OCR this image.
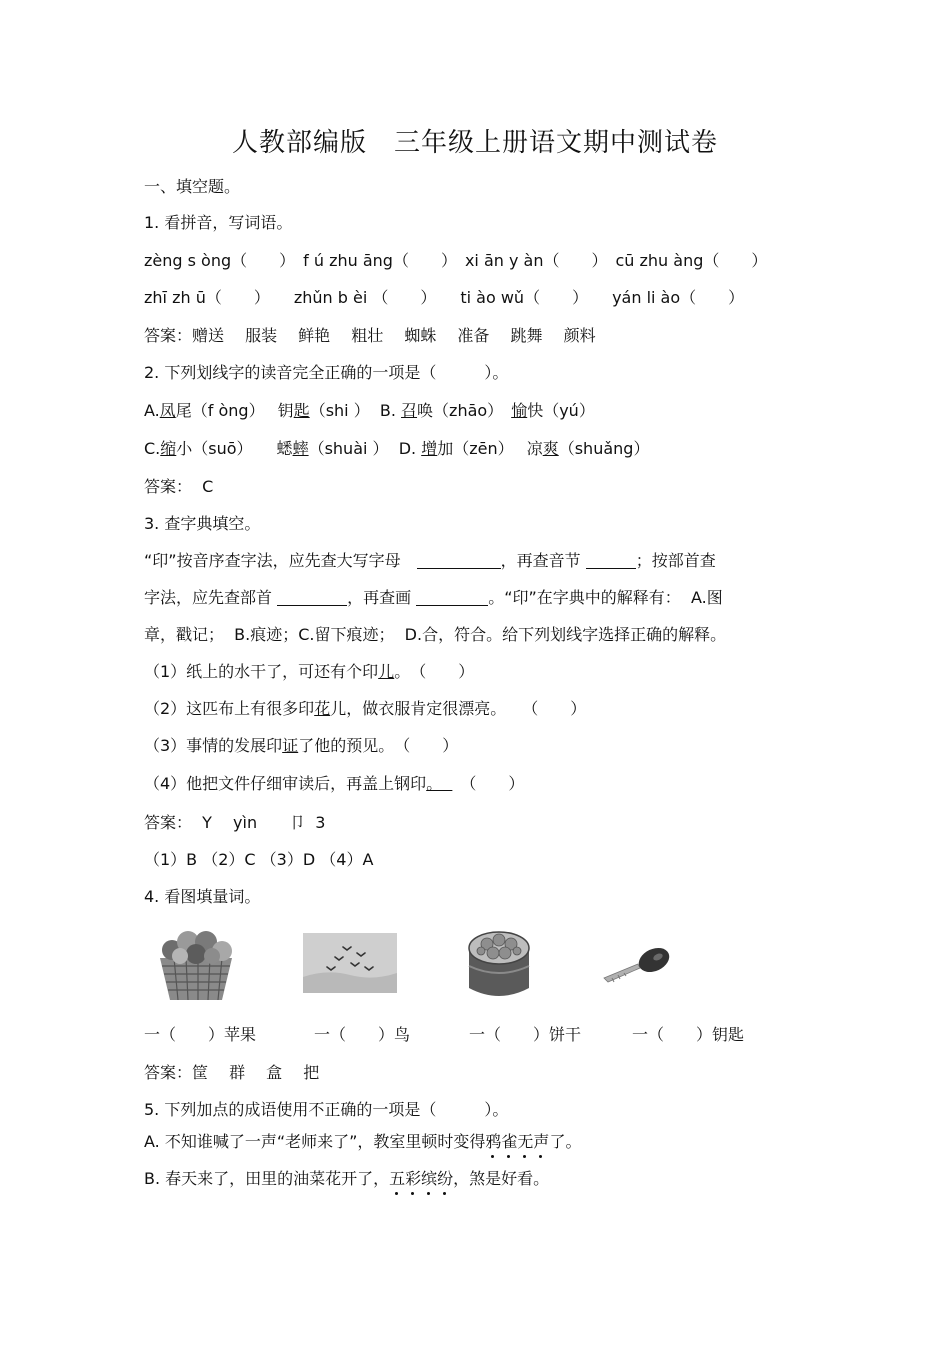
人教部编版　三年级上册语文期中测试卷
一、填空题。
1. 看拼音，写词语。
zèng s òng（　　）　f ú zhu āng（　　）　xi ān y àn（　　）　cū zhu àng（　　）
zhī zh ū（　　）　　zhǔn b èi （　　）　　ti ào wǔ（　　）　　yán li ào（　　）
答案：赠送　 服装　 鲜艳　 粗壮　 蜘蛛　 准备　 跳舞　 颜料
2. 下列划线字的读音完全正确的一项是（　　　）。
A.凤尾（f òng）　 钥匙（shi ）  B. 召唤（zhāo）　愉快（yú）
C.缩小（suō）　　蟋蟀（shuài ）  D. 增加（zēn）　 凉爽（shuǎng）
答案：  C
3. 查字典填空。
“印”按音序查字法，应先查大写字母　	，再查音节	；按部首查
字法，应先查部首	，再查画	。“印”在字典中的解释有：  A.图
章，戳记；  B.痕迹；C.留下痕迹；  D.合，符合。给下列划线字选择正确的解释。
（1）纸上的水干了，可还有个印儿。　（　　）
（2）这匹布上有很多印花儿，做衣服肯定很漂亮。　　（　　）
（3）事情的发展印证了他的预见。　（　　）
（4）他把文件仔细审读后，再盖上钢印。  　（　　）
答案：  Y　 yìn　　卩  3
（1）B （2）C （3）D （4）A
4. 看图填量词。
一（　　）苹果	一（　　）鸟	一（　　）饼干	一（　　）钥匙
答案：筐　 群　 盒　 把
5. 下列加点的成语使用不正确的一项是（　　　）。
A. 不知谁喊了一声“老师来了”，教室里顿时变得鸦雀无声
了。
B. 春天来了，田里的油菜花开了，五彩缤纷
，煞是好看。
